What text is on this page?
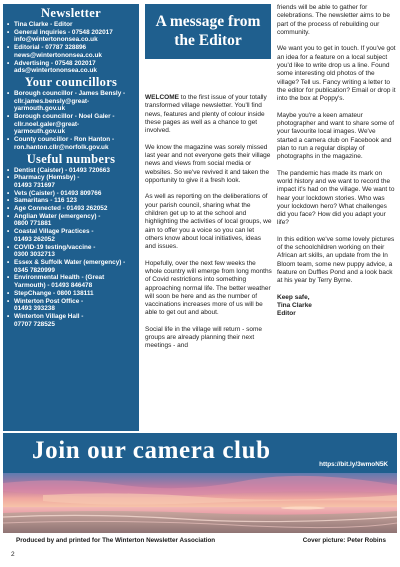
Newsletter
• Tina Clarke - Editor
• General inquiries - 07548 202017
info@wintertononsea.co.uk
• Editorial - 07787 328896
news@wintertononsea.co.uk
• Advertising - 07548 202017
ads@wintertononsea.co.uk
Your councillors
• Borough councillor - James Bensly -
cllr.james.bensly@great-
yarmouth.gov.uk
• Borough councillor - Noel Galer -
cllr.noel.galer@great-
yarmouth.gov.uk
• County councillor - Ron Hanton -
ron.hanton.cllr@norfolk.gov.uk
Useful numbers
• Dentist (Caister) - 01493 720663
• Pharmacy (Hemsby) -
01493 731697
• Vets (Caister) - 01493 809766
• Samaritans - 116 123
• Age Connected - 01493 262052
• Anglian Water (emergency) -
0800 771881
• Coastal Village Practices -
01493 262052
• COVID-19 testing/vaccine -
0300 3032713
• Essex & Suffolk Water (emergency) -
0345 7820999
• Environmental Health - (Great
Yarmouth) - 01493 846478
• StepChange - 0800 138111
• Winterton Post Office -
01493 393238
• Winterton Village Hall -
07707 728525
A message from
the Editor

WELCOME to the first issue of your totally transformed village newsletter. You'll find news, features and plenty of colour inside these pages as well as a chance to get involved.

We know the magazine was sorely missed last year and not everyone gets their village news and views from social media or websites. So we've revived it and taken the opportunity to give it a fresh look.

As well as reporting on the deliberations of your parish council, sharing what the children get up to at the school and highlighting the activities of local groups, we aim to offer you a voice so you can let others know about local initiatives, ideas and issues.

Hopefully, over the next few weeks the whole country will emerge from long months of Covid restrictions into something approaching normal life. The better weather will soon be here and as the number of vaccinations increases more of us will be able to get out and about.

Social life in the village will return - some groups are already planning their next meetings - and

friends will be able to gather for celebrations. The newsletter aims to be part of the process of rebuilding our community.

We want you to get in touch. If you've got an idea for a feature on a local subject you'd like to write drop us a line. Found some interesting old photos of the village? Tell us. Fancy writing a letter to the editor for publication? Email or drop it into the box at Poppy's.

Maybe you're a keen amateur photographer and want to share some of your favourite local images. We've started a camera club on Facebook and plan to run a regular display of photographs in the magazine.

The pandemic has made its mark on world history and we want to record the impact it's had on the village. We want to hear your lockdown stories. Who was your lockdown hero? What challenges did you face? How did you adapt your life?

In this edition we've some lovely pictures of the schoolchildren working on their African art skills, an update from the In Bloom team, some new puppy advice, a feature on Duffles Pond and a look back at his year by Terry Byrne.

Keep safe,
Tina Clarke
Editor
Join our camera club
https://bit.ly/3wmoN5K
Produced by and printed for The Winterton Newsletter Association	Cover picture: Peter Robins
2
